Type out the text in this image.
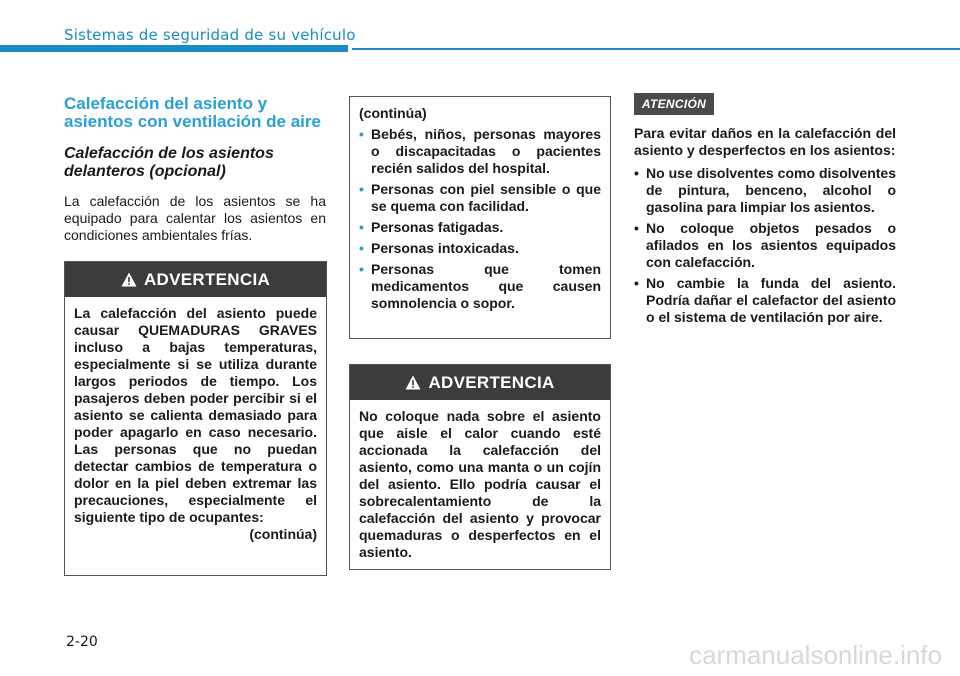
Sistemas de seguridad de su vehículo
Calefacción del asiento y asientos con ventilación de aire
Calefacción de los asientos delanteros (opcional)

La calefacción de los asientos se ha equipado para calentar los asientos en condiciones ambientales frías.

ADVERTENCIA
La calefacción del asiento puede causar QUEMADURAS GRAVES incluso a bajas temperaturas, especialmente si se utiliza durante largos periodos de tiempo. Los pasajeros deben poder percibir si el asiento se calienta demasiado para poder apagarlo en caso necesario. Las personas que no puedan detectar cambios de temperatura o dolor en la piel deben extremar las precauciones, especialmente el siguiente tipo de ocupantes:
(continúa)

(continúa)

• Bebés, niños, personas mayores o discapacitadas o pacientes recién salidos del hospital.
• Personas con piel sensible o que se quema con facilidad.
• Personas fatigadas.
• Personas intoxicadas.
• Personas que tomen medicamentos que causen somnolencia o sopor.
ADVERTENCIA
No coloque nada sobre el asiento que aisle el calor cuando esté accionada la calefacción del asiento, como una manta o un cojín del asiento. Ello podría causar el sobrecalentamiento de la calefacción del asiento y provocar quemaduras o desperfectos en el asiento.
ATENCIÓN

Para evitar daños en la calefacción del asiento y desperfectos en los asientos:

• No use disolventes como disolventes de pintura, benceno, alcohol o gasolina para limpiar los asientos.
• No coloque objetos pesados o afilados en los asientos equipados con calefacción.
• No cambie la funda del asiento. Podría dañar el calefactor del asiento o el sistema de ventilación por aire.
2-20	carmanualsonline.info
